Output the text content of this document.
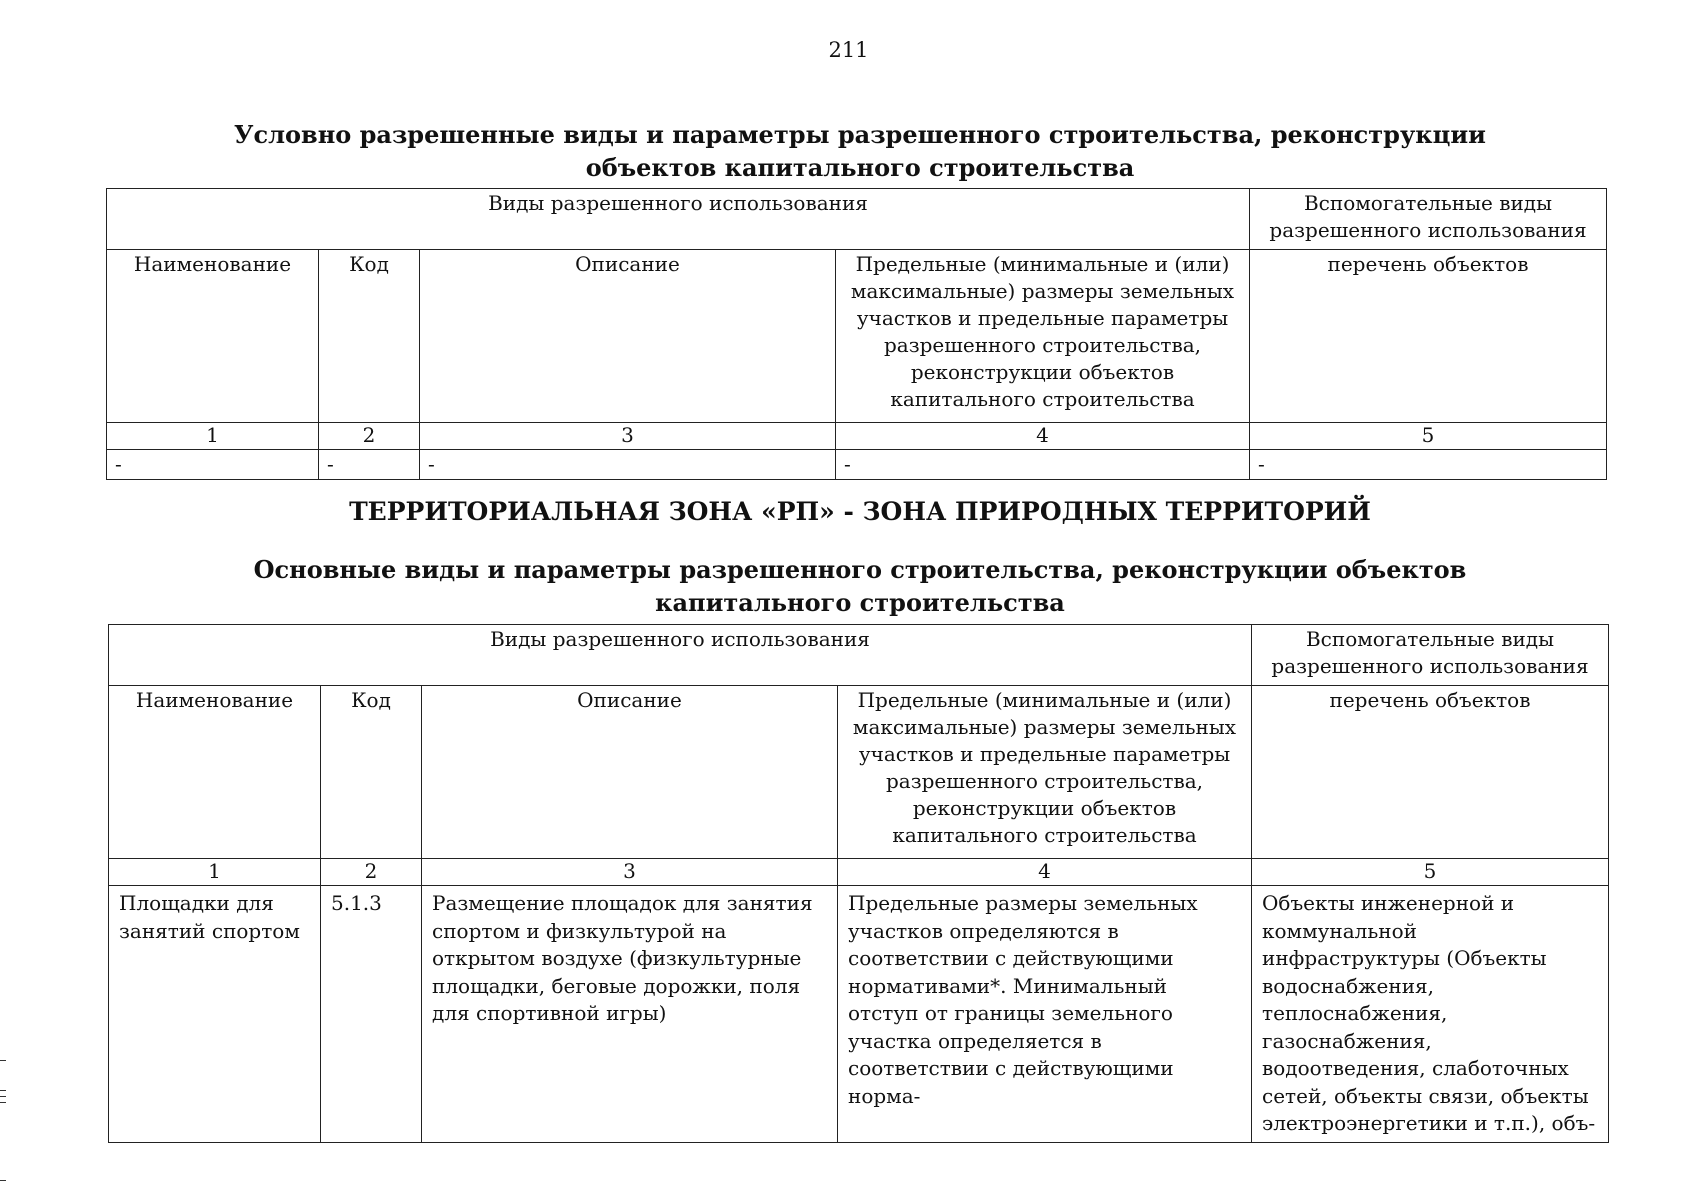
211
Условно разрешенные виды и параметры разрешенного строительства, реконструкции объектов капитального строительства
Виды разрешенного использования				Вспомогательные виды разрешенного использования
Наименование	Код	Описание	Предельные (минимальные и (или) максимальные) размеры земельных участков и предельные параметры разрешенного строительства, реконструкции объектов капитального строительства	перечень объектов
1	2	3	4	5
-	-	-	-	-
ТЕРРИТОРИАЛЬНАЯ ЗОНА «РП» - ЗОНА ПРИРОДНЫХ ТЕРРИТОРИЙ
Основные виды и параметры разрешенного строительства, реконструкции объектов капитального строительства
Виды разрешенного использования				Вспомогательные виды разрешенного использования
Наименование	Код	Описание	Предельные (минимальные и (или) максимальные) размеры земельных участков и предельные параметры разрешенного строительства, реконструкции объектов капитального строительства	перечень объектов
1	2	3	4	5
Площадки для занятий спортом	5.1.3	Размещение площадок для занятия спортом и физкультурой на открытом воздухе (физкультурные площадки, беговые дорожки, поля для спортивной игры)	Предельные размеры земельных участков определяются в соответствии с действующими нормативами*. Минимальный отступ от границы земельного участка определяется в соответствии с действующими норма-	Объекты инженерной и коммунальной инфраструктуры (Объекты водоснабжения, теплоснабжения, газоснабжения, водоотведения, слаботочных сетей, объекты связи, объекты электроэнергетики и т.п.), объ-
